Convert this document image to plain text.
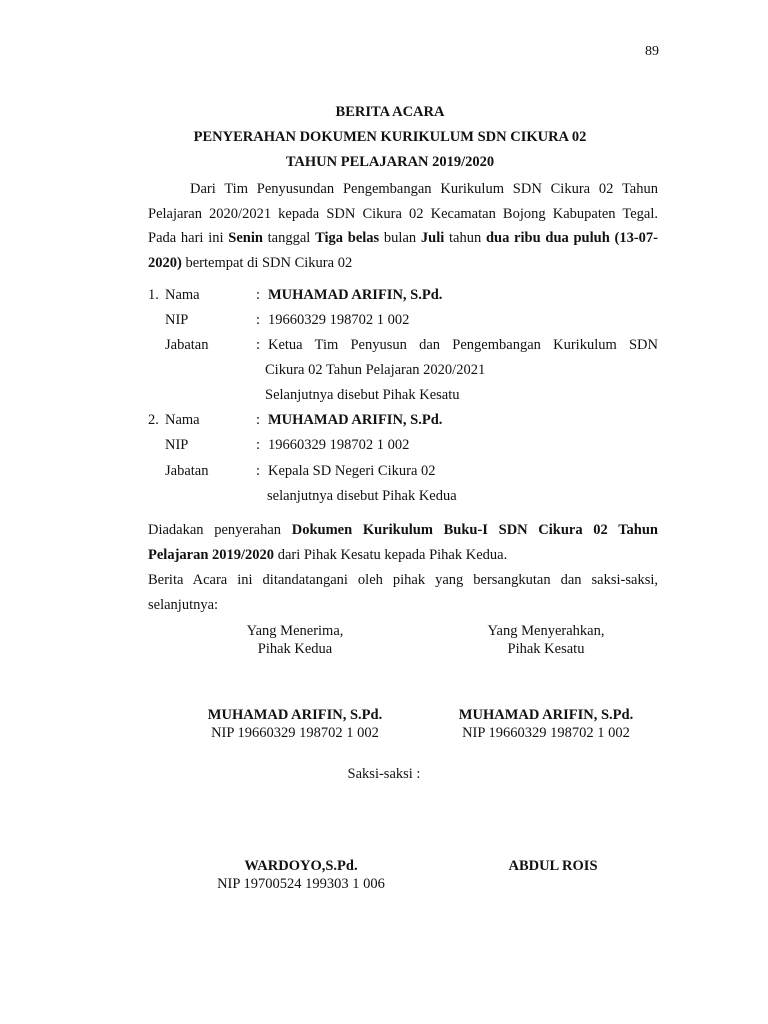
89
BERITA ACARA
PENYERAHAN DOKUMEN KURIKULUM SDN CIKURA 02
TAHUN PELAJARAN 2019/2020

Dari Tim Penyusundan Pengembangan Kurikulum SDN Cikura 02 Tahun Pelajaran 2020/2021 kepada SDN Cikura 02 Kecamatan Bojong Kabupaten Tegal. Pada hari ini Senin tanggal Tiga belas bulan Juli tahun dua ribu dua puluh (13-07-2020) bertempat di SDN Cikura 02

1. Nama	: MUHAMAD ARIFIN, S.Pd.
NIP	: 19660329 198702 1 002
Jabatan	: Ketua Tim Penyusun dan Pengembangan Kurikulum SDN
Cikura 02 Tahun Pelajaran 2020/2021
Selanjutnya disebut Pihak Kesatu
2. Nama	: MUHAMAD ARIFIN, S.Pd.
NIP	: 19660329 198702 1 002
Jabatan	: Kepala SD Negeri Cikura 02
selanjutnya disebut Pihak Kedua

Diadakan penyerahan Dokumen Kurikulum Buku-I SDN Cikura 02 Tahun Pelajaran 2019/2020 dari Pihak Kesatu kepada Pihak Kedua.

Berita Acara ini ditandatangani oleh pihak yang bersangkutan dan saksi-saksi, selanjutnya:

Yang Menerima,
Pihak Kedua
Yang Menyerahkan,
Pihak Kesatu
MUHAMAD ARIFIN, S.Pd.
NIP 19660329 198702 1 002
MUHAMAD ARIFIN, S.Pd.
NIP 19660329 198702 1 002
Saksi-saksi :
WARDOYO,S.Pd.
NIP 19700524 199303 1 006
ABDUL ROIS
